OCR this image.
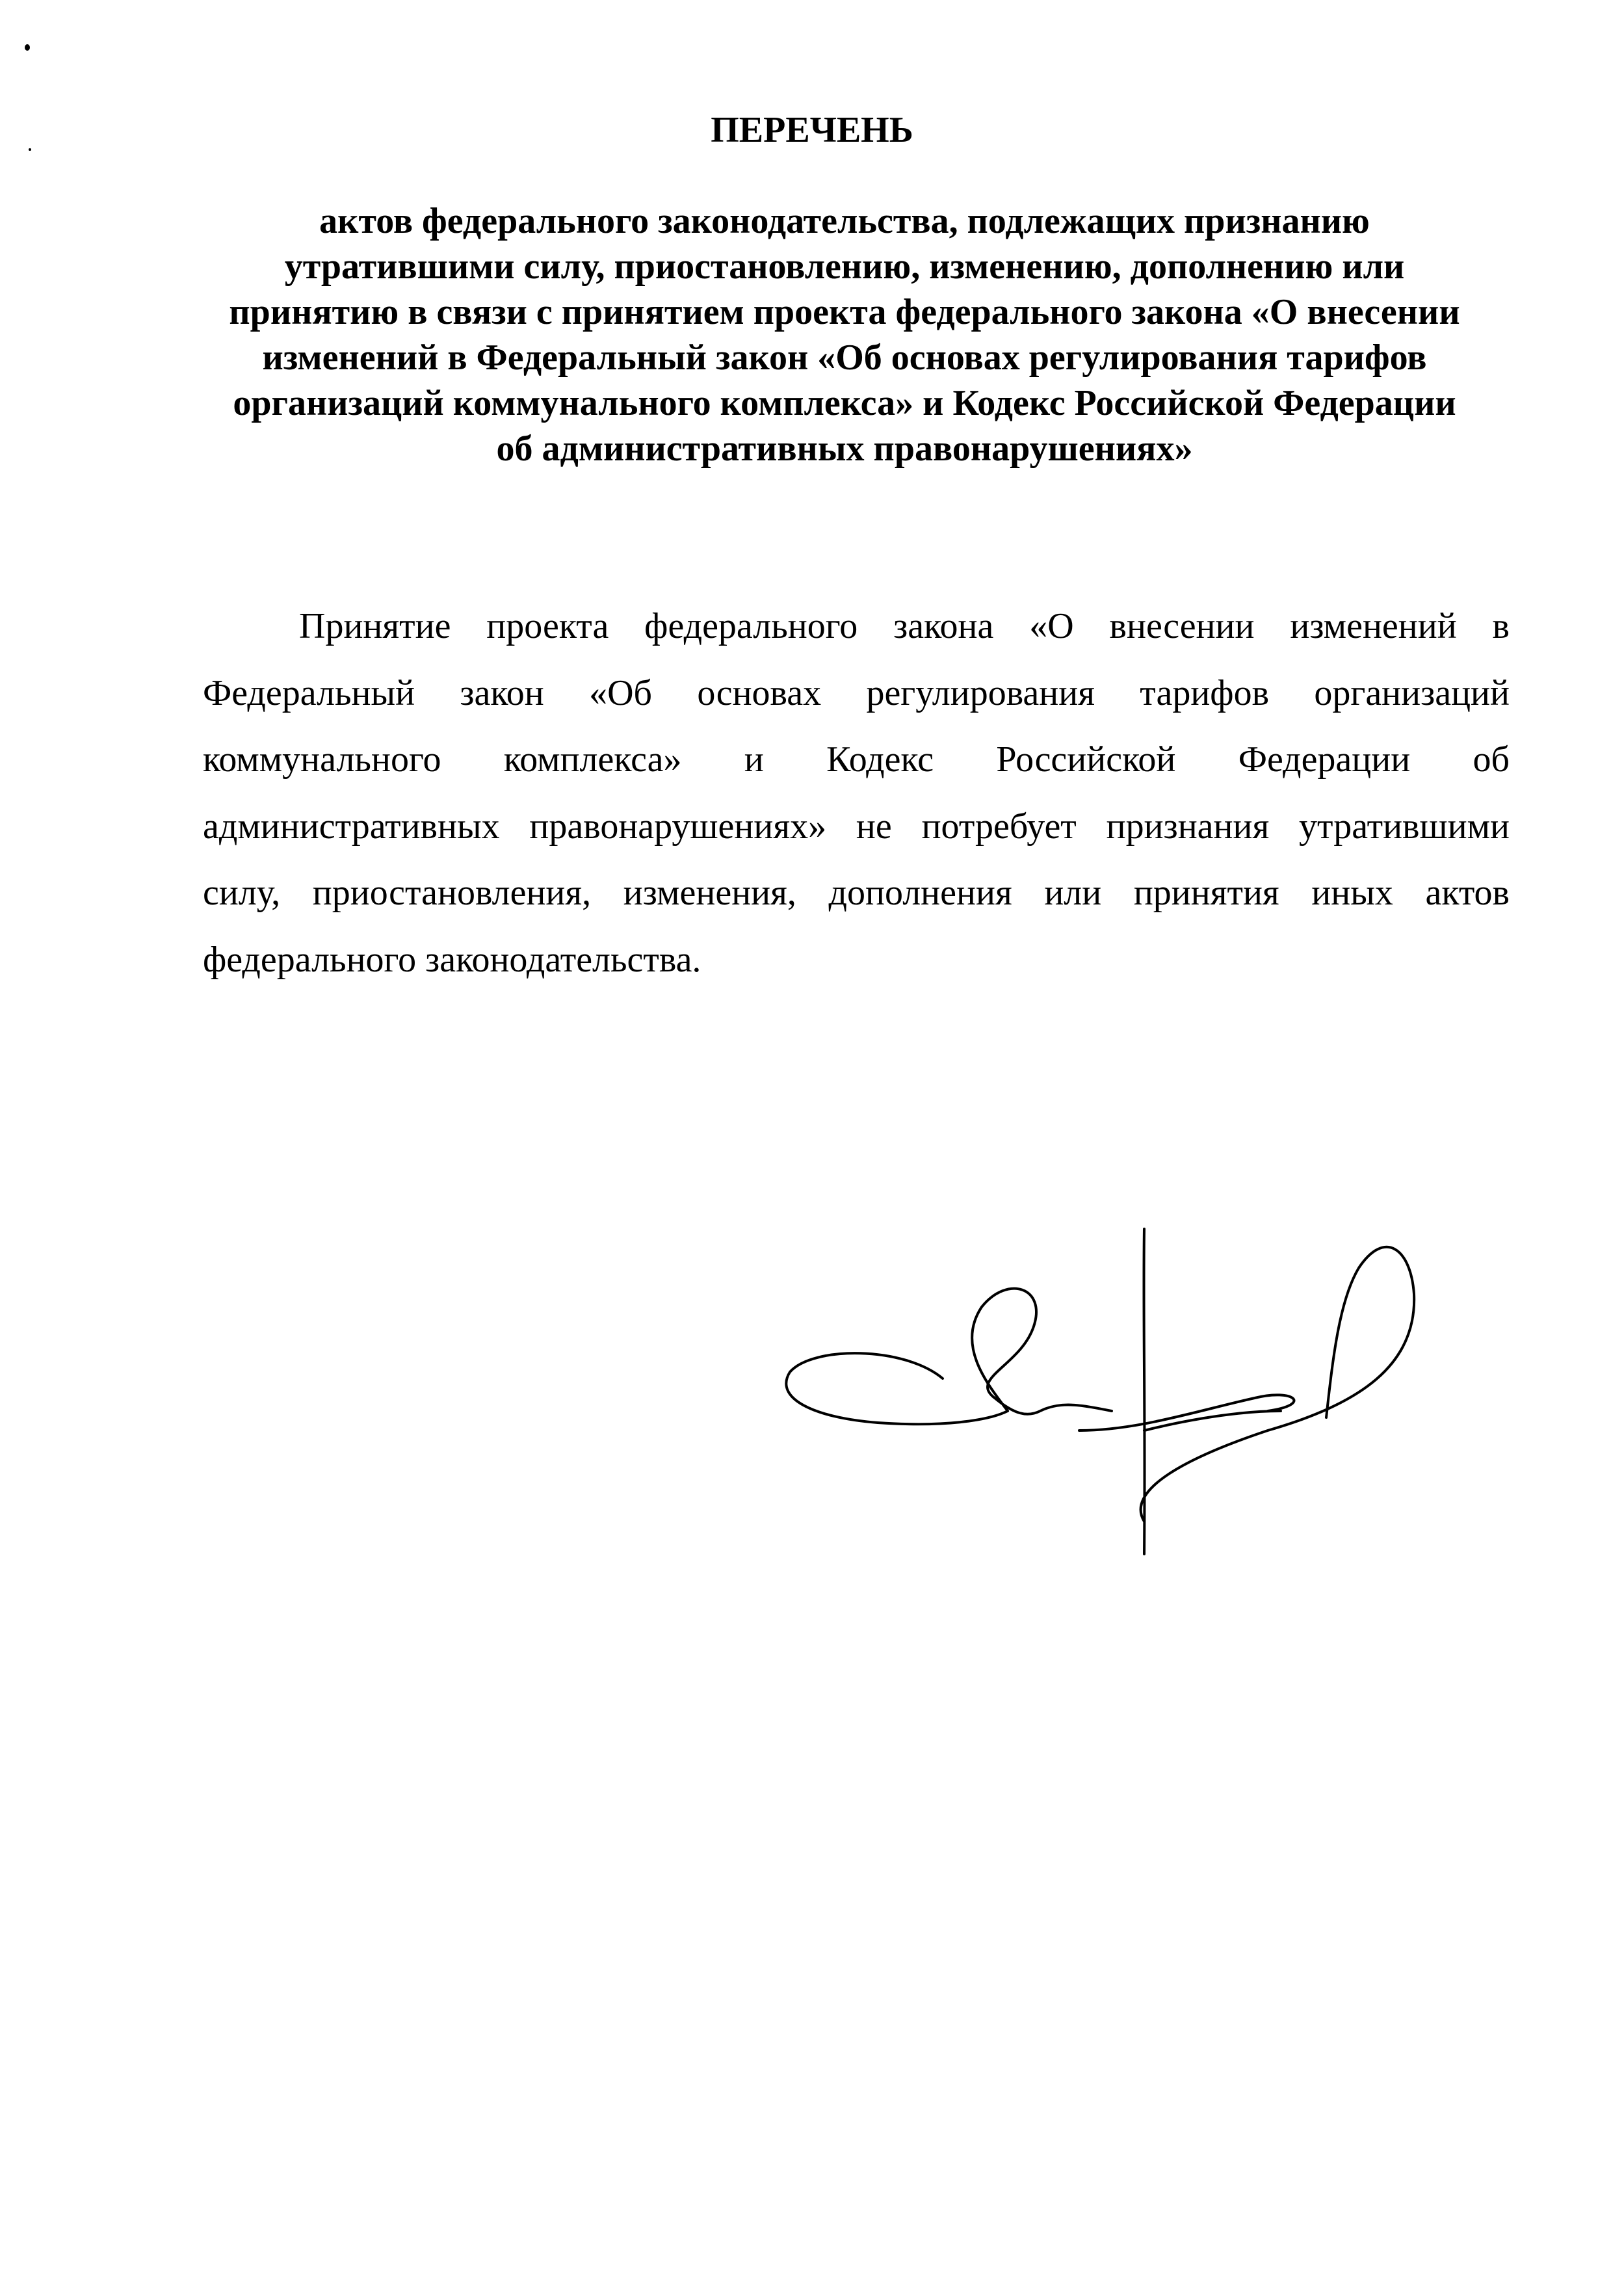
ПЕРЕЧЕНЬ
актов федерального законодательства, подлежащих признанию
утратившими силу, приостановлению, изменению, дополнению или
принятию в связи с принятием проекта федерального закона «О внесении
изменений в Федеральный закон «Об основах регулирования тарифов
организаций коммунального комплекса» и Кодекс Российской Федерации
об административных правонарушениях»
Принятие проекта федерального закона «О внесении изменений в
Федеральный закон «Об основах регулирования тарифов организаций
коммунального комплекса» и Кодекс Российской Федерации об
административных правонарушениях» не потребует признания утратившими
силу, приостановления, изменения, дополнения или принятия иных актов
федерального законодательства.
